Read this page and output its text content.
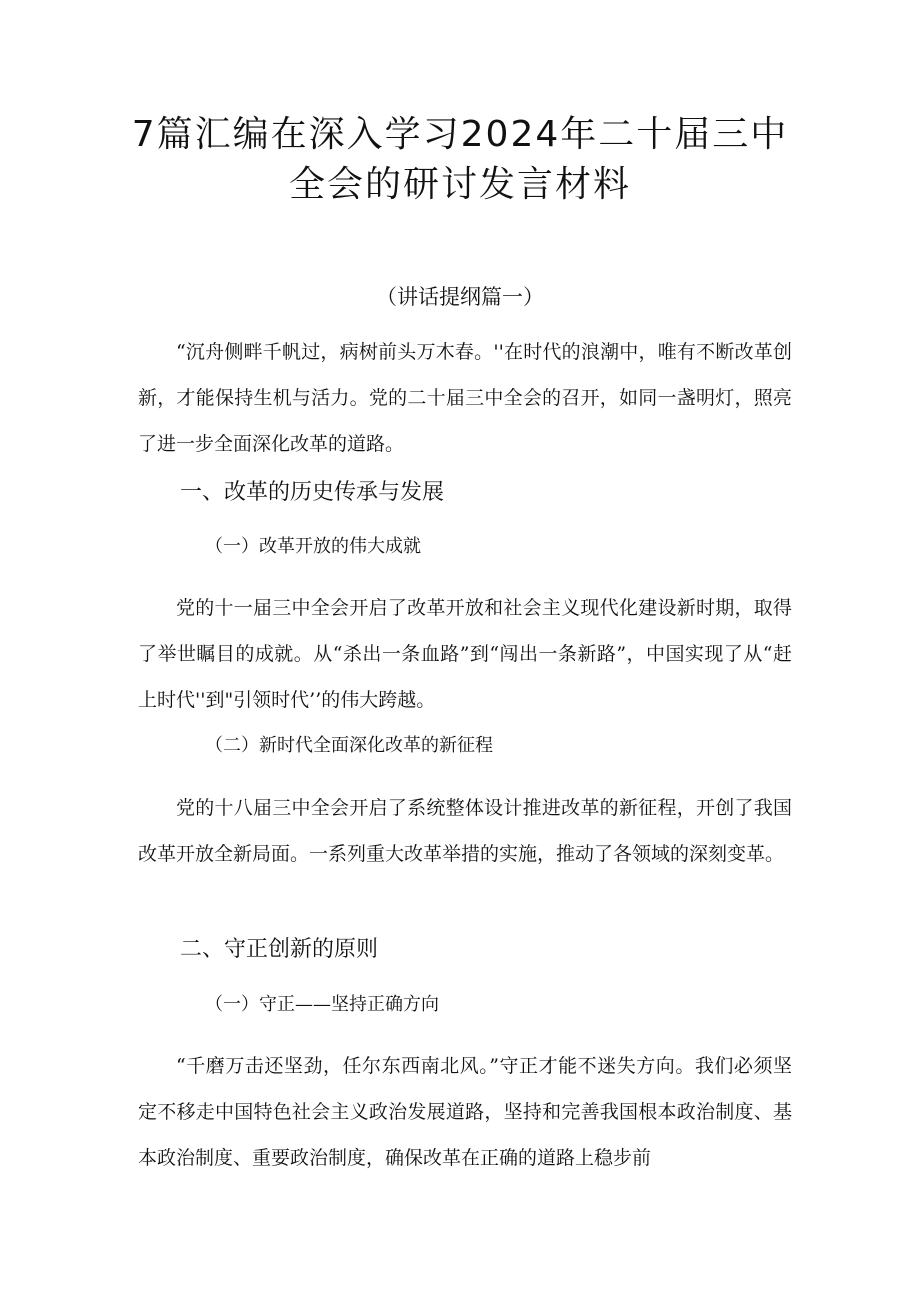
7篇汇编在深入学习2024年二十届三中全会的研讨发言材料
（讲话提纲篇一）

“沉舟侧畔千帆过，病树前头万木春。''在时代的浪潮中，唯有不断改革创新，才能保持生机与活力。党的二十届三中全会的召开，如同一盏明灯，照亮了进一步全面深化改革的道路。

一、改革的历史传承与发展
（一）改革开放的伟大成就

党的十一届三中全会开启了改革开放和社会主义现代化建设新时期，取得了举世瞩目的成就。从“杀出一条血路”到“闯出一条新路”，中国实现了从“赶上时代''到"引领时代’’的伟大跨越。

（二）新时代全面深化改革的新征程

党的十八届三中全会开启了系统整体设计推进改革的新征程，开创了我国改革开放全新局面。一系列重大改革举措的实施，推动了各领域的深刻变革。

二、守正创新的原则
（一）守正——坚持正确方向

“千磨万击还坚劲，任尔东西南北风。”守正才能不迷失方向。我们必须坚定不移走中国特色社会主义政治发展道路，坚持和完善我国根本政治制度、基本政治制度、重要政治制度，确保改革在正确的道路上稳步前
